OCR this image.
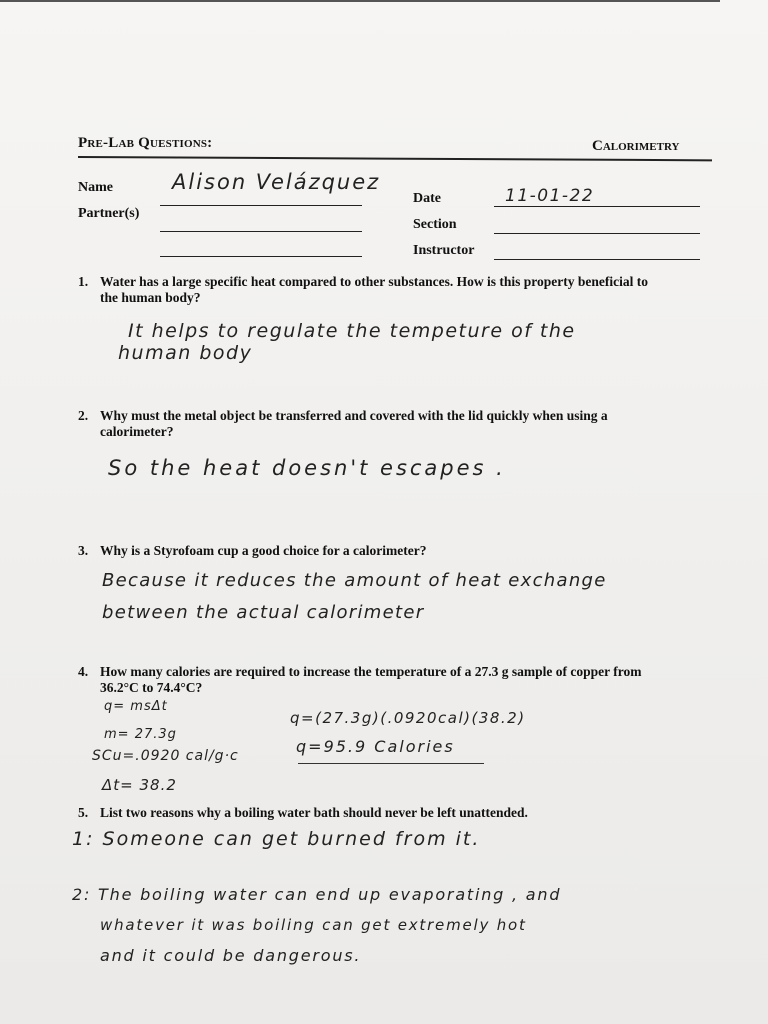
Pre-Lab Questions:	Calorimetry
Name	Alison Velázquez
Partner(s)
Date	11-01-22
Section
Instructor
1. Water has a large specific heat compared to other substances. How is this property beneficial to
the human body?
It helps to regulate the tempeture of the
human body
2. Why must the metal object be transferred and covered with the lid quickly when using a
calorimeter?
So the heat doesn't escapes .
3. Why is a Styrofoam cup a good choice for a calorimeter?
Because it reduces the amount of heat exchange
between the actual calorimeter
4. How many calories are required to increase the temperature of a 27.3 g sample of copper from
36.2°C to 74.4°C?
q= msΔt
m= 27.3g
SCu=.0920 cal/g·c
Δt= 38.2
q=(27.3g)(.0920cal)(38.2)
q=95.9 Calories
5. List two reasons why a boiling water bath should never be left unattended.
1: Someone can get burned from it.
2: The boiling water can end up evaporating , and
whatever it was boiling can get extremely hot
and it could be dangerous.
